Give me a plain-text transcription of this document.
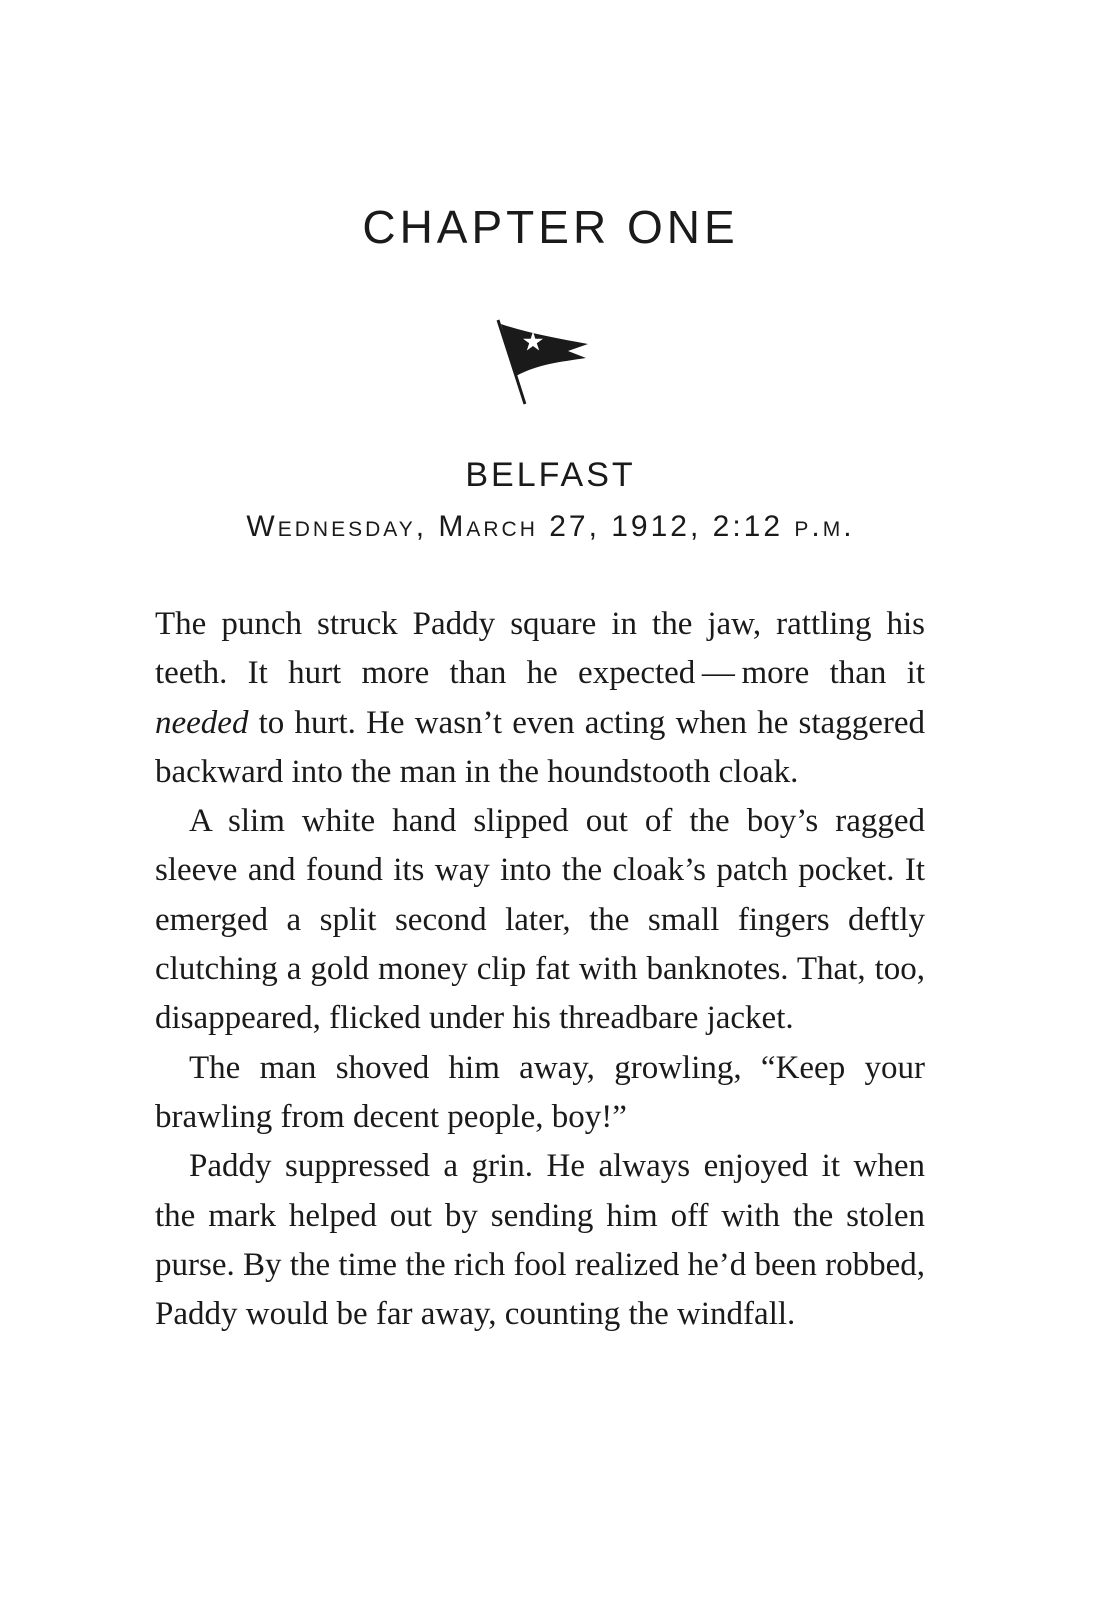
CHAPTER ONE
BELFAST
Wednesday, March 27, 1912, 2:12 p.m.

The punch struck Paddy square in the jaw, rattling his teeth. It hurt more than he expected — more than it needed to hurt. He wasn’t even acting when he staggered backward into the man in the houndstooth cloak.

A slim white hand slipped out of the boy’s ragged sleeve and found its way into the cloak’s patch pocket. It emerged a split second later, the small fingers deftly clutching a gold money clip fat with banknotes. That, too, disappeared, flicked under his threadbare jacket.

The man shoved him away, growling, “Keep your brawling from decent people, boy!”

Paddy suppressed a grin. He always enjoyed it when the mark helped out by sending him off with the stolen purse. By the time the rich fool realized he’d been robbed, Paddy would be far away, counting the windfall.
